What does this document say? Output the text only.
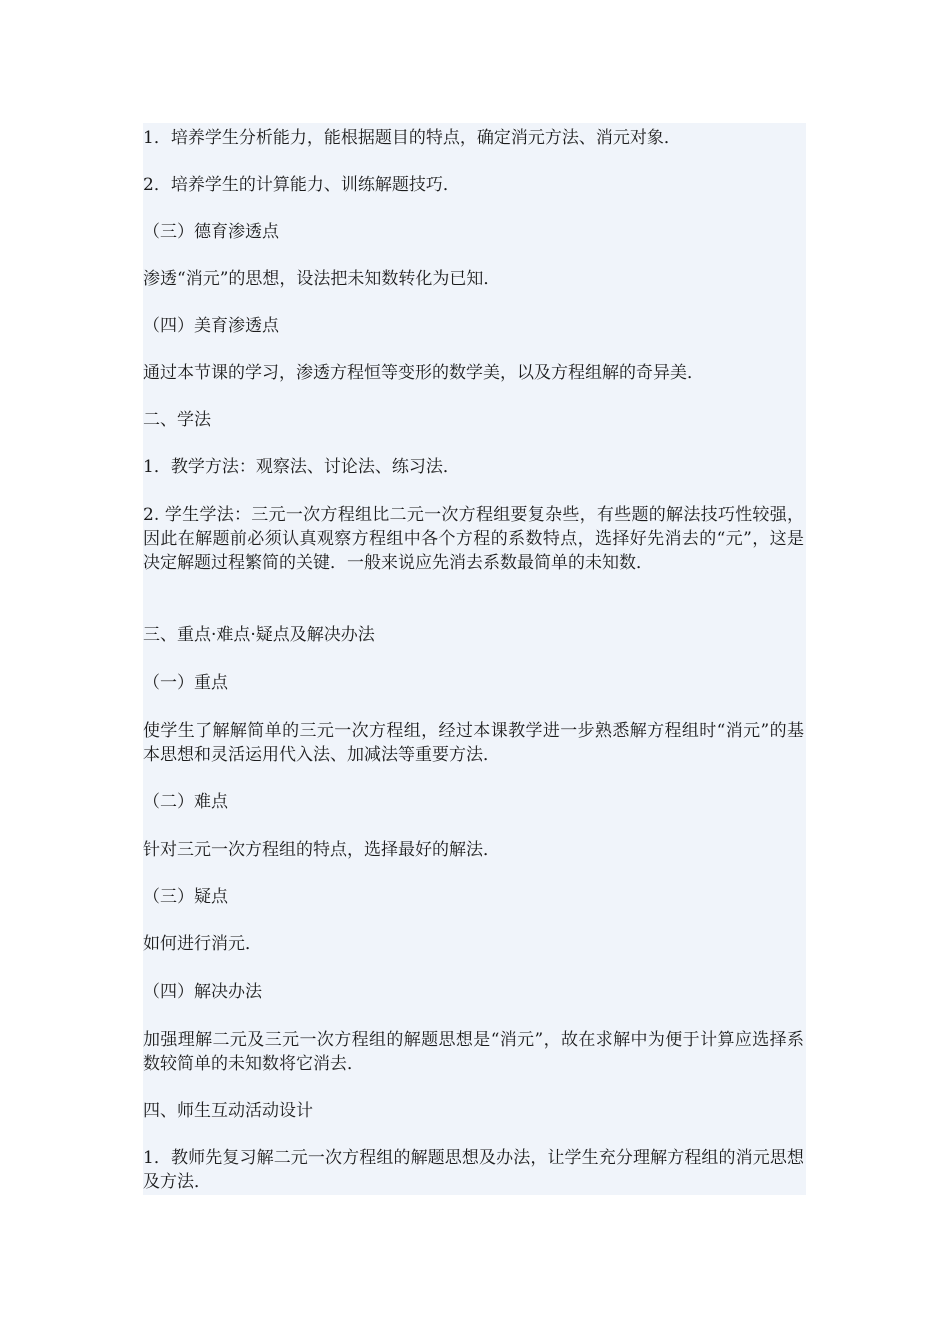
1．培养学生分析能力，能根据题目的特点，确定消元方法、消元对象．

2．培养学生的计算能力、训练解题技巧．

（三）德育渗透点

渗透“消元”的思想，设法把未知数转化为已知．

（四）美育渗透点

通过本节课的学习，渗透方程恒等变形的数学美，以及方程组解的奇异美．

二、学法

1．教学方法：观察法、讨论法、练习法．

2. 学生学法：三元一次方程组比二元一次方程组要复杂些，有些题的解法技巧性较强，因此在解题前必须认真观察方程组中各个方程的系数特点，选择好先消去的“元”，这是决定解题过程繁简的关键．一般来说应先消去系数最简单的未知数．

三、重点·难点·疑点及解决办法

（一）重点

使学生了解解简单的三元一次方程组，经过本课教学进一步熟悉解方程组时“消元”的基本思想和灵活运用代入法、加减法等重要方法．

（二）难点

针对三元一次方程组的特点，选择最好的解法．

（三）疑点

如何进行消元．

（四）解决办法

加强理解二元及三元一次方程组的解题思想是“消元”，故在求解中为便于计算应选择系数较简单的未知数将它消去．

四、师生互动活动设计

1．教师先复习解二元一次方程组的解题思想及办法，让学生充分理解方程组的消元思想及方法．
